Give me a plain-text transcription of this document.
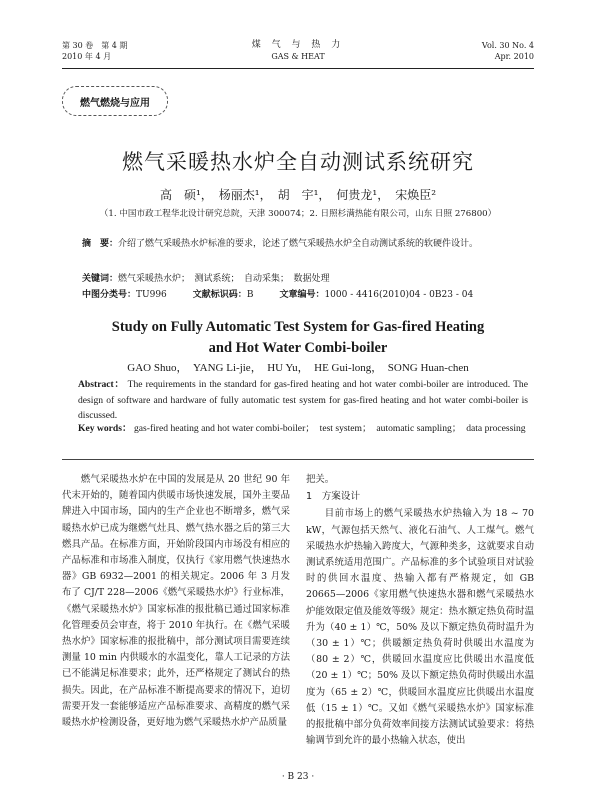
第 30 卷　第 4 期
2010 年 4 月
煤 气 与 热 力
GAS & HEAT
Vol. 30 No. 4
Apr. 2010
燃气燃烧与应用
燃气采暖热水炉全自动测试系统研究
高　硕¹，　杨丽杰¹，　胡　宇¹，　何贵龙¹，　宋焕臣²
（1. 中国市政工程华北设计研究总院，天津 300074；2. 日照杉满热能有限公司，山东 日照 276800）
摘　要：介绍了燃气采暖热水炉标准的要求，论述了燃气采暖热水炉全自动测试系统的软硬件设计。
关键词：燃气采暖热水炉；　测试系统；　自动采集；　数据处理
中图分类号：TU996	文献标识码：B	文章编号：1000 - 4416(2010)04 - 0B23 - 04
Study on Fully Automatic Test System for Gas-fired Heating
and Hot Water Combi-boiler
GAO Shuo，　YANG Li-jie，　HU Yu，　HE Gui-long，　SONG Huan-chen
Abstract： The requirements in the standard for gas-fired heating and hot water combi-boiler are introduced. The design of software and hardware of fully automatic test system for gas-fired heating and hot water combi-boiler is discussed.
Key words： gas-fired heating and hot water combi-boiler；　test system；　automatic sampling；　data processing

燃气采暖热水炉在中国的发展是从 20 世纪 90 年代末开始的，随着国内供暖市场快速发展，国外主要品牌进入中国市场，国内的生产企业也不断增多，燃气采暖热水炉已成为继燃气灶具、燃气热水器之后的第三大燃具产品。在标准方面，开始阶段国内市场没有相应的产品标准和市场准入制度，仅执行《家用燃气快速热水器》GB 6932—2001 的相关规定。2006 年 3 月发布了 CJ/T 228—2006《燃气采暖热水炉》行业标准，《燃气采暖热水炉》国家标准的报批稿已通过国家标准化管理委员会审查，将于 2010 年执行。在《燃气采暖热水炉》国家标准的报批稿中，部分测试项目需要连续测量 10 min 内供暖水的水温变化，靠人工记录的方法已不能满足标准要求；此外，还严格规定了测试台的热损失。因此，在产品标准不断提高要求的情况下，迫切需要开发一套能够适应产品标准要求、高精度的燃气采暖热水炉检测设备，更好地为燃气采暖热水炉产品质量

把关。

1　方案设计

目前市场上的燃气采暖热水炉热输入为 18 ~ 70 kW，气源包括天然气、液化石油气、人工煤气。燃气采暖热水炉热输入跨度大，气源种类多，这就要求自动测试系统适用范围广。产品标准的多个试验项目对试验时的供回水温度、热输入都有严格规定，如 GB 20665—2006《家用燃气快速热水器和燃气采暖热水炉能效限定值及能效等级》规定：热水额定热负荷时温升为（40 ± 1）℃，50% 及以下额定热负荷时温升为（30 ± 1）℃；供暖额定热负荷时供暖出水温度为（80 ± 2）℃，供暖回水温度应比供暖出水温度低（20 ± 1）℃；50% 及以下额定热负荷时供暖出水温度为（65 ± 2）℃，供暖回水温度应比供暖出水温度低（15 ± 1）℃。又如《燃气采暖热水炉》国家标准的报批稿中部分负荷效率间接方法测试试验要求：将热输调节到允许的最小热输入状态，使出

· B 23 ·
